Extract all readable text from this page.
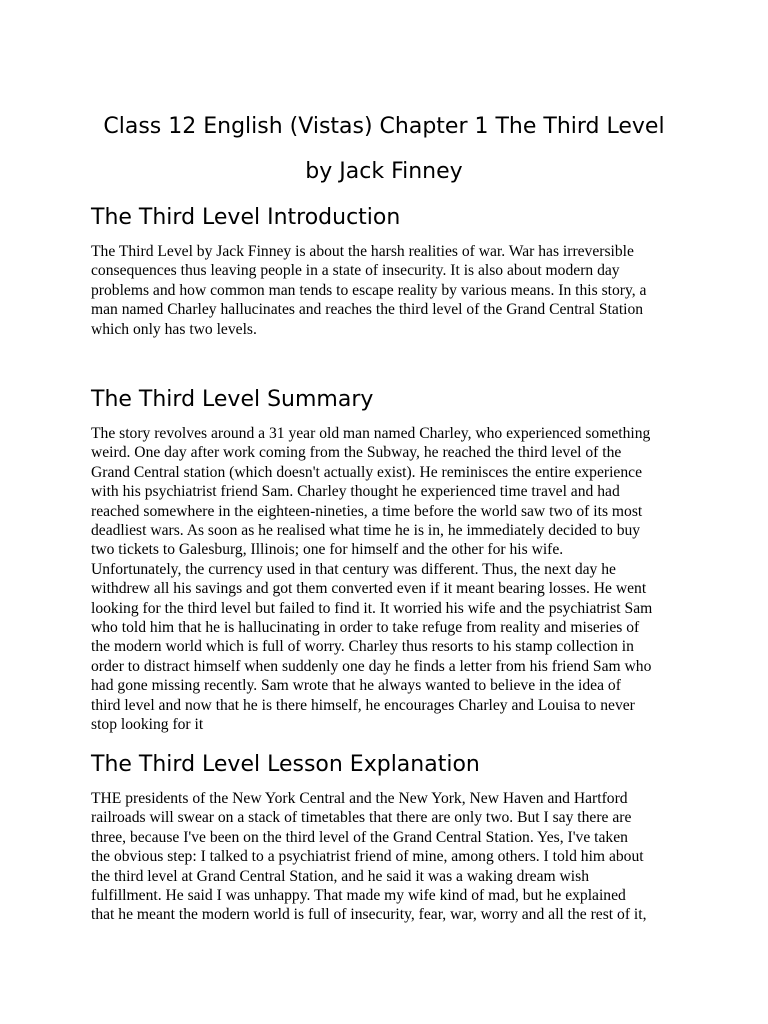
Class 12 English (Vistas) Chapter 1 The Third Level
by Jack Finney
The Third Level Introduction

The Third Level by Jack Finney is about the harsh realities of war. War has irreversible
consequences thus leaving people in a state of insecurity. It is also about modern day
problems and how common man tends to escape reality by various means. In this story, a
man named Charley hallucinates and reaches the third level of the Grand Central Station
which only has two levels.

The Third Level Summary

The story revolves around a 31 year old man named Charley, who experienced something
weird. One day after work coming from the Subway, he reached the third level of the
Grand Central station (which doesn't actually exist). He reminisces the entire experience
with his psychiatrist friend Sam. Charley thought he experienced time travel and had
reached somewhere in the eighteen-nineties, a time before the world saw two of its most
deadliest wars. As soon as he realised what time he is in, he immediately decided to buy
two tickets to Galesburg, Illinois; one for himself and the other for his wife.
Unfortunately, the currency used in that century was different. Thus, the next day he
withdrew all his savings and got them converted even if it meant bearing losses. He went
looking for the third level but failed to find it. It worried his wife and the psychiatrist Sam
who told him that he is hallucinating in order to take refuge from reality and miseries of
the modern world which is full of worry. Charley thus resorts to his stamp collection in
order to distract himself when suddenly one day he finds a letter from his friend Sam who
had gone missing recently. Sam wrote that he always wanted to believe in the idea of
third level and now that he is there himself, he encourages Charley and Louisa to never
stop looking for it

The Third Level Lesson Explanation

THE presidents of the New York Central and the New York, New Haven and Hartford
railroads will swear on a stack of timetables that there are only two. But I say there are
three, because I've been on the third level of the Grand Central Station. Yes, I've taken
the obvious step: I talked to a psychiatrist friend of mine, among others. I told him about
the third level at Grand Central Station, and he said it was a waking dream wish
fulfillment. He said I was unhappy. That made my wife kind of mad, but he explained
that he meant the modern world is full of insecurity, fear, war, worry and all the rest of it,
